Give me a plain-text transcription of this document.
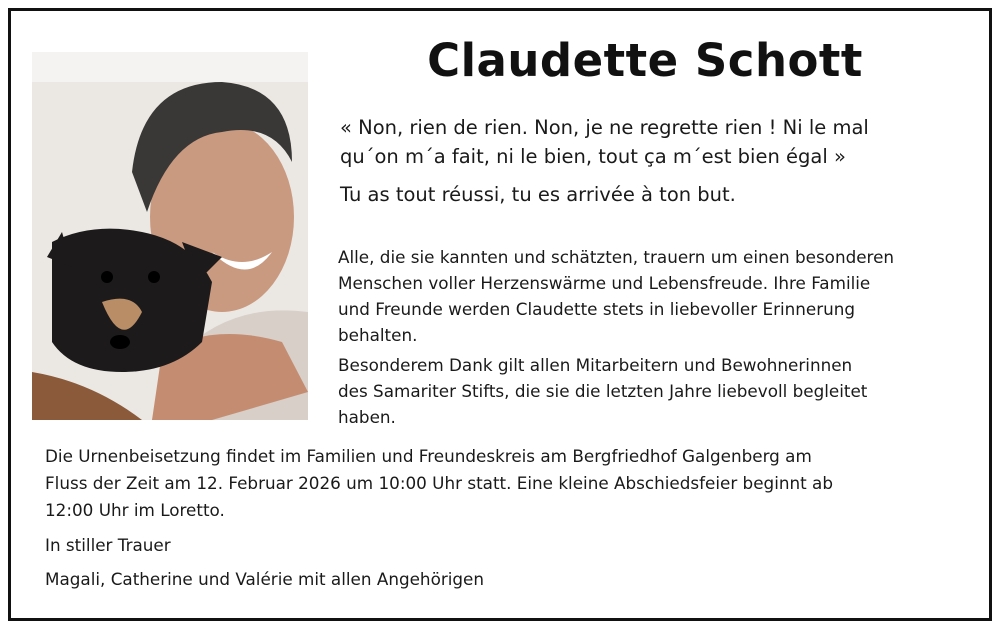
Claudette Schott
« Non, rien de rien. Non, je ne regrette rien ! Ni le mal
qu´on m´a fait, ni le bien, tout ça m´est bien égal »
Tu as tout réussi, tu es arrivée à ton but.
Alle, die sie kannten und schätzten, trauern um einen besonderen
Menschen voller Herzenswärme und Lebensfreude. Ihre Familie
und Freunde werden Claudette stets in liebevoller Erinnerung
behalten.
Besonderem Dank gilt allen Mitarbeitern und Bewohnerinnen
des Samariter Stifts, die sie die letzten Jahre liebevoll begleitet
haben.
Die Urnenbeisetzung findet im Familien und Freundeskreis am Bergfriedhof Galgenberg am
Fluss der Zeit am 12. Februar 2026 um 10:00 Uhr statt. Eine kleine Abschiedsfeier beginnt ab
12:00 Uhr im Loretto.
In stiller Trauer
Magali, Catherine und Valérie mit allen Angehörigen
